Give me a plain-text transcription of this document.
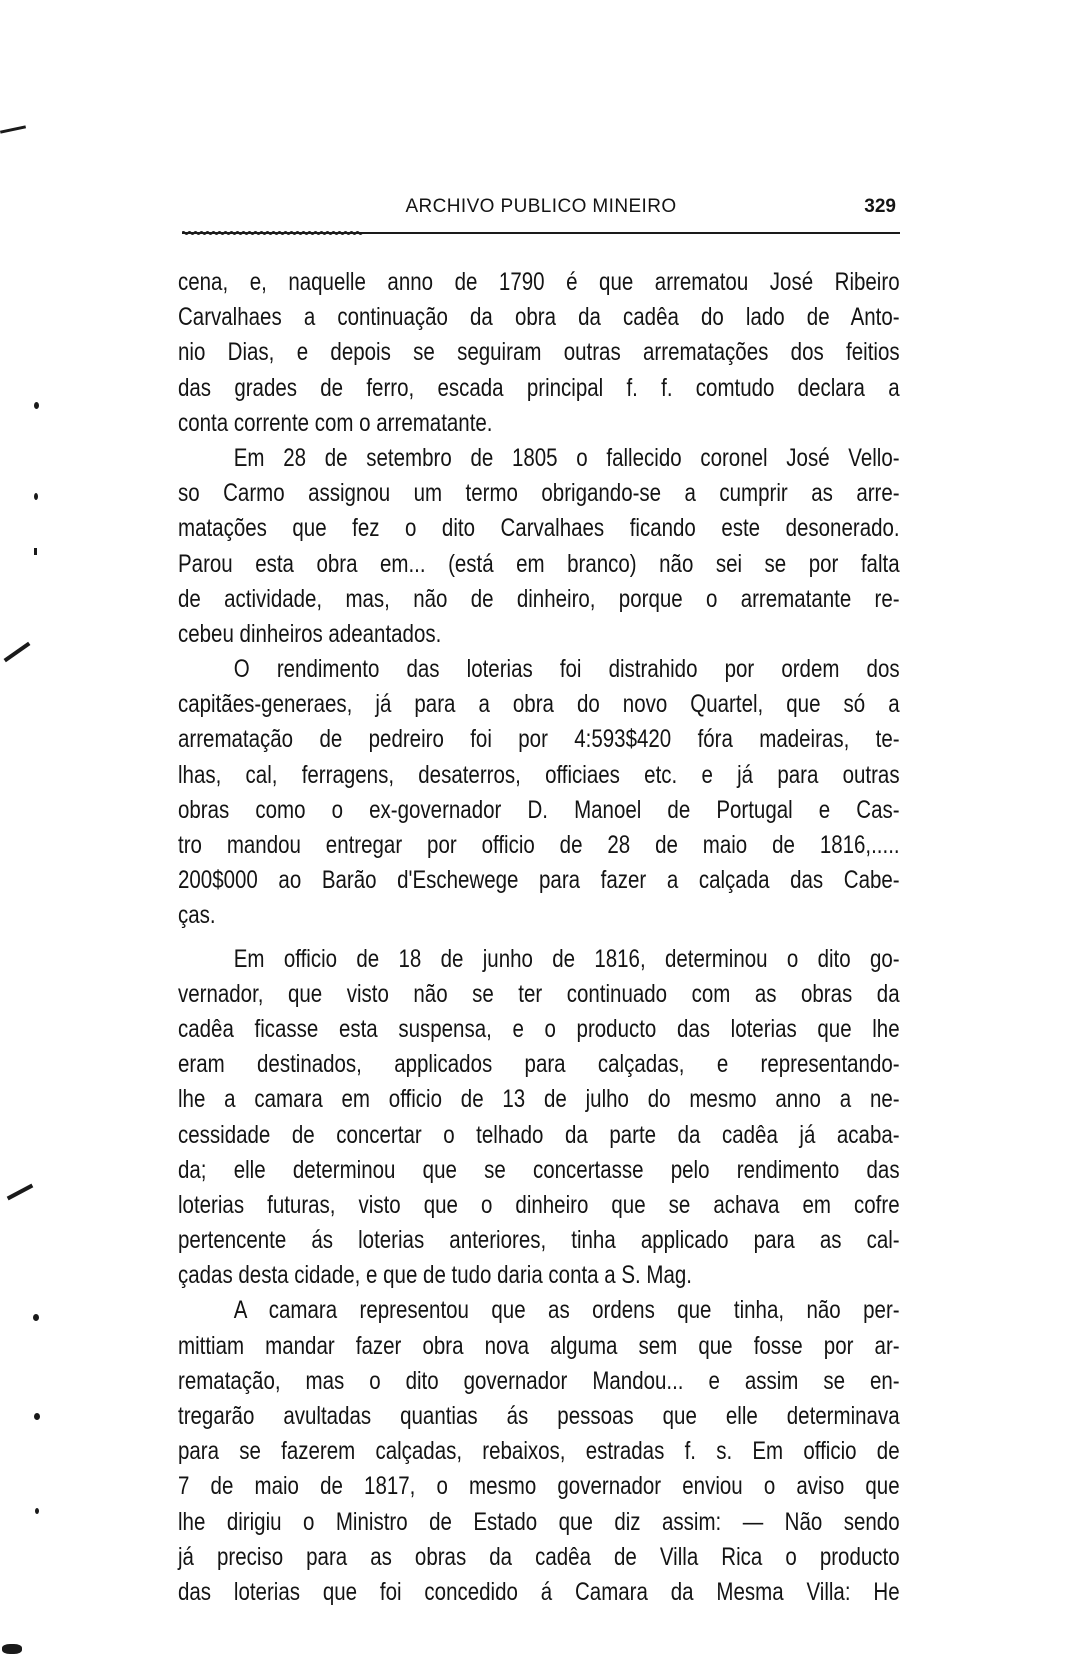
ARCHIVO PUBLICO MINEIRO	329
cena, e, naquelle anno de 1790 é que arrematou José Ribeiro
Carvalhaes a continuação da obra da cadêa do lado de Anto-
nio Dias, e depois se seguiram outras arrematações dos feitios
das grades de ferro, escada principal f. f. comtudo declara a
conta corrente com o arrematante.
Em 28 de setembro de 1805 o fallecido coronel José Vello-
so Carmo assignou um termo obrigando-se a cumprir as arre-
matações que fez o dito Carvalhaes ficando este desonerado.
Parou esta obra em... (está em branco) não sei se por falta
de actividade, mas, não de dinheiro, porque o arrematante re-
cebeu dinheiros adeantados.
O rendimento das loterias foi distrahido por ordem dos
capitães-generaes, já para a obra do novo Quartel, que só a
arrematação de pedreiro foi por 4:593$420 fóra madeiras, te-
lhas, cal, ferragens, desaterros, officiaes etc. e já para outras
obras como o ex-governador D. Manoel de Portugal e Cas-
tro mandou entregar por officio de 28 de maio de 1816,.....
200$000 ao Barão d'Eschewege para fazer a calçada das Cabe-
ças.
Em officio de 18 de junho de 1816, determinou o dito go-
vernador, que visto não se ter continuado com as obras da
cadêa ficasse esta suspensa, e o producto das loterias que lhe
eram destinados, applicados para calçadas, e representando-
lhe a camara em officio de 13 de julho do mesmo anno a ne-
cessidade de concertar o telhado da parte da cadêa já acaba-
da; elle determinou que se concertasse pelo rendimento das
loterias futuras, visto que o dinheiro que se achava em cofre
pertencente ás loterias anteriores, tinha applicado para as cal-
çadas desta cidade, e que de tudo daria conta a S. Mag.
A camara representou que as ordens que tinha, não per-
mittiam mandar fazer obra nova alguma sem que fosse por ar-
rematação, mas o dito governador Mandou... e assim se en-
tregarão avultadas quantias ás pessoas que elle determinava
para se fazerem calçadas, rebaixos, estradas f. s. Em officio de
7 de maio de 1817, o mesmo governador enviou o aviso que
lhe dirigiu o Ministro de Estado que diz assim: — Não sendo
já preciso para as obras da cadêa de Villa Rica o producto
das loterias que foi concedido á Camara da Mesma Villa: He
